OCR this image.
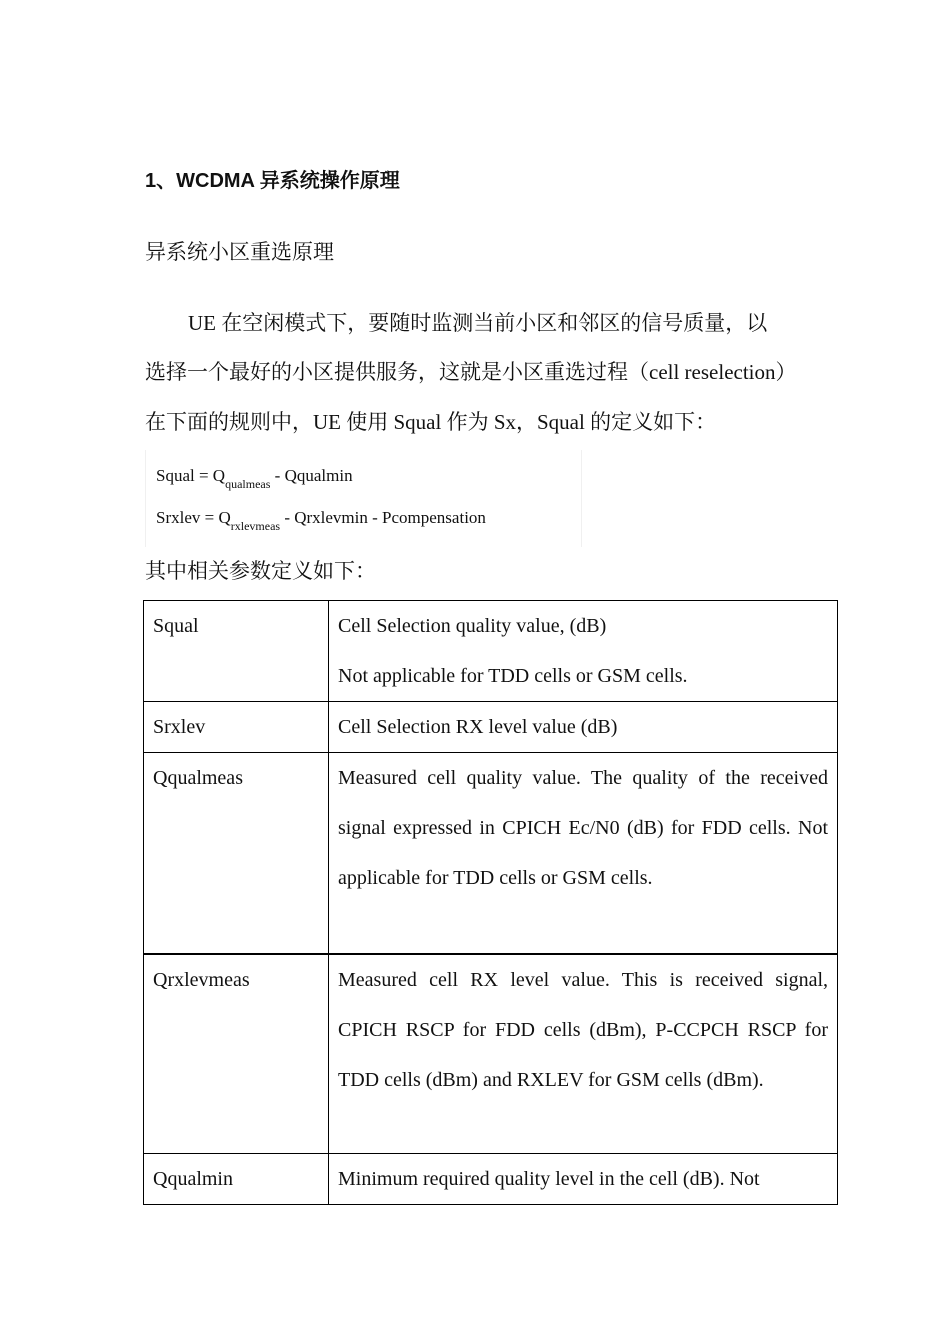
1、WCDMA 异系统操作原理
异系统小区重选原理
UE 在空闲模式下，要随时监测当前小区和邻区的信号质量，以
选择一个最好的小区提供服务，这就是小区重选过程（cell reselection）
在下面的规则中，UE 使用 Squal 作为 Sx，Squal 的定义如下：
Squal = $Q_{qualmeas}$ - Qqualmin
Srxlev = $Q_{rxlevmeas}$ - Qrxlevmin - Pcompensation
其中相关参数定义如下：
Squal	Cell Selection quality value, (dB)
Not applicable for TDD cells or GSM cells.

Srxlev	Cell Selection RX level value (dB)

Qqualmeas	Measured cell quality value. The quality of the received signal expressed in CPICH Ec/N0 (dB) for FDD cells. Not applicable for TDD cells or GSM cells.
Qrxlevmeas	Measured cell RX level value. This is received signal, CPICH RSCP for FDD cells (dBm), P-CCPCH RSCP for TDD cells (dBm) and RXLEV for GSM cells (dBm).
Qqualmin	Minimum required quality level in the cell (dB). Not
